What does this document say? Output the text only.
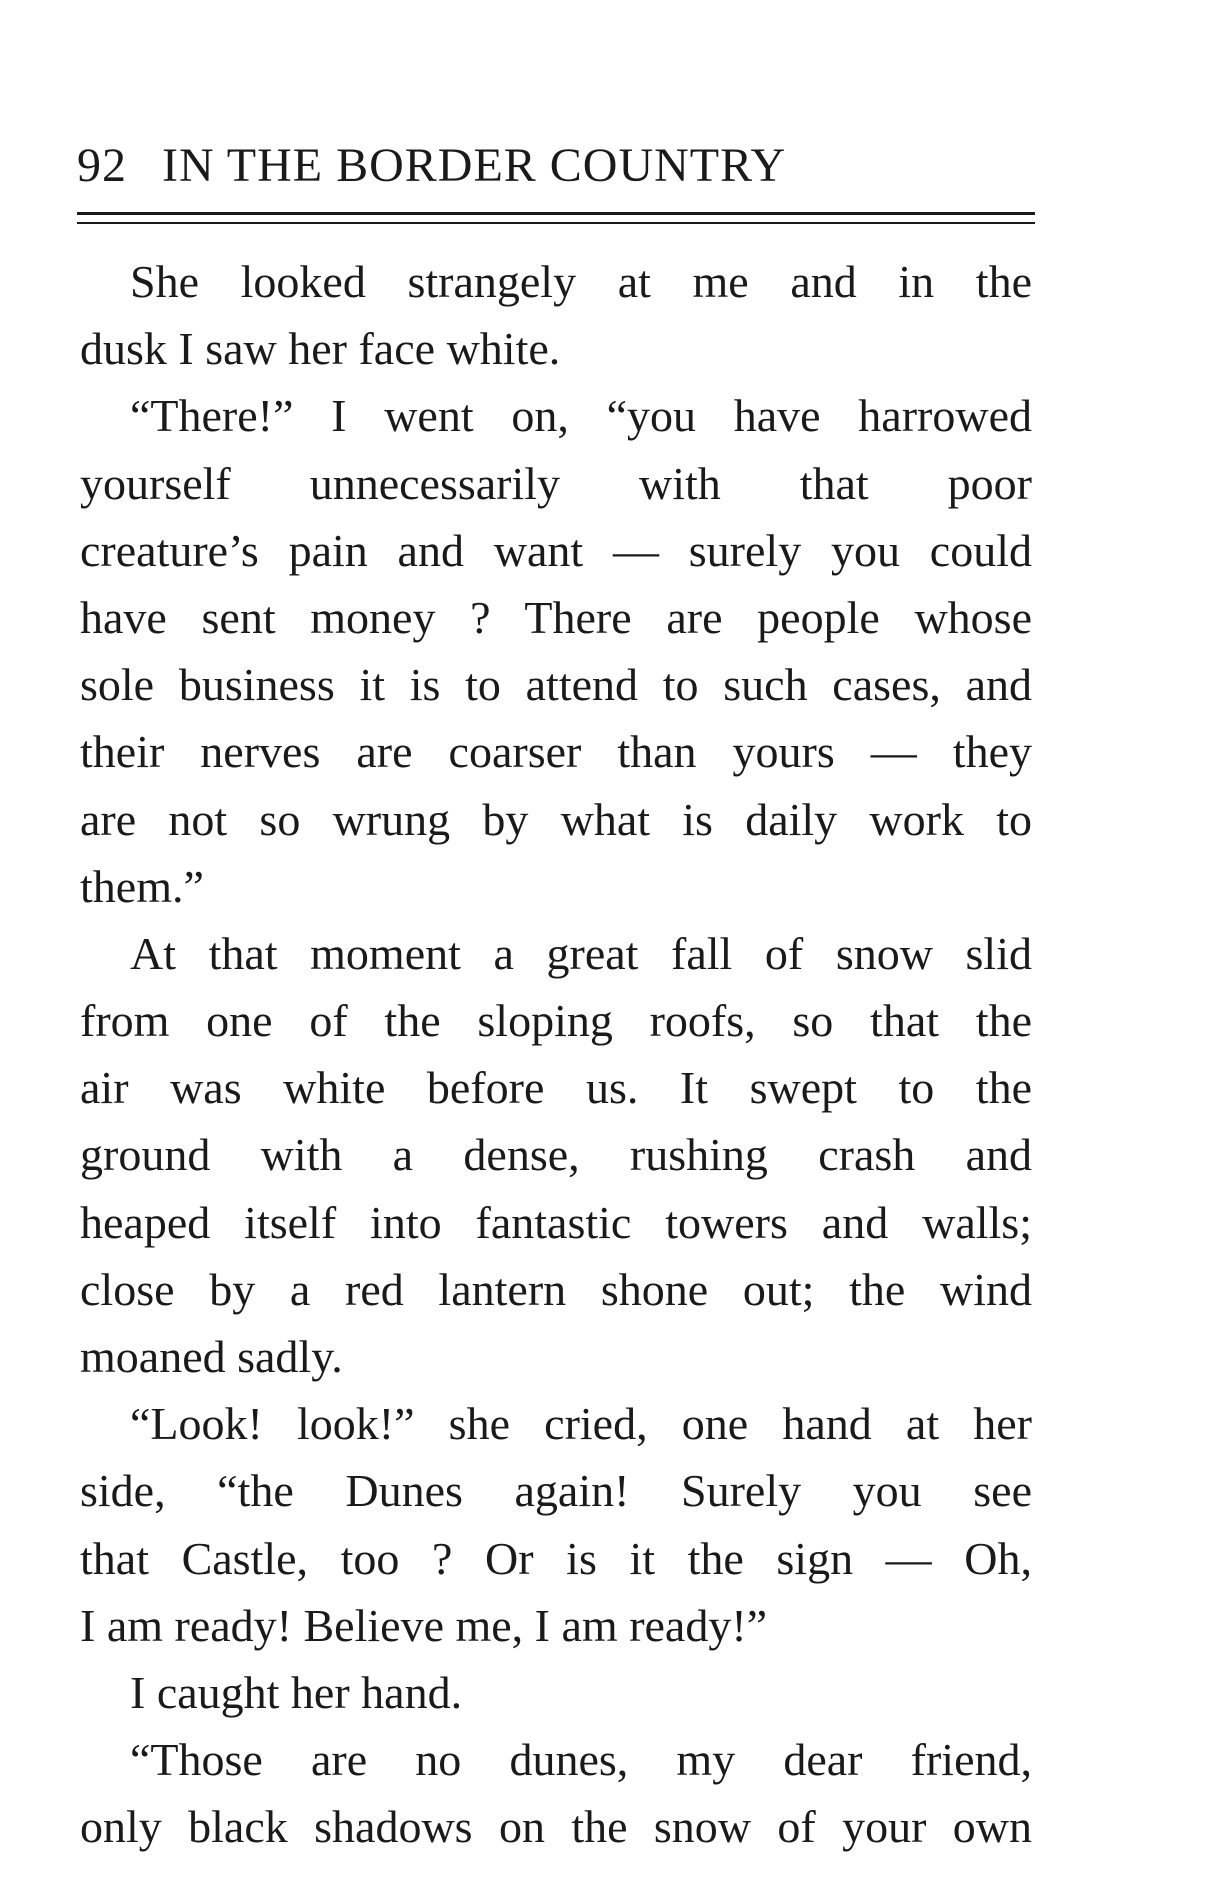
92 IN THE BORDER COUNTRY
She looked strangely at me and in the
dusk I saw her face white.
“There!” I went on, “you have harrowed
yourself unnecessarily with that poor
creature’s pain and want — surely you could
have sent money ? There are people whose
sole business it is to attend to such cases, and
their nerves are coarser than yours — they
are not so wrung by what is daily work to
them.”
At that moment a great fall of snow slid
from one of the sloping roofs, so that the
air was white before us. It swept to the
ground with a dense, rushing crash and
heaped itself into fantastic towers and walls;
close by a red lantern shone out; the wind
moaned sadly.
“Look! look!” she cried, one hand at her
side, “the Dunes again! Surely you see
that Castle, too ? Or is it the sign — Oh,
I am ready! Believe me, I am ready!”
I caught her hand.
“Those are no dunes, my dear friend,
only black shadows on the snow of your own
